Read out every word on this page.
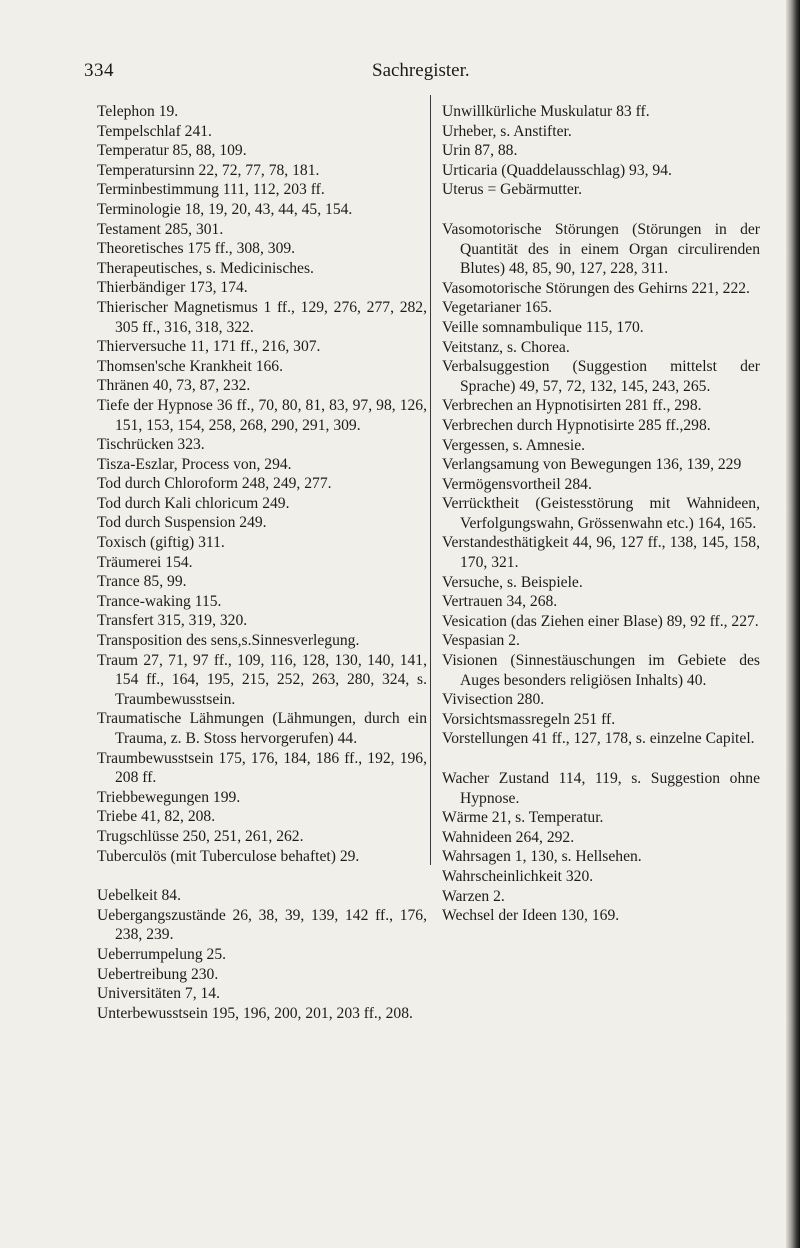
334	Sachregister.
Telephon 19.
Tempelschlaf 241.
Temperatur 85, 88, 109.
Temperatursinn 22, 72, 77, 78, 181.
Terminbestimmung 111, 112, 203 ff.
Terminologie 18, 19, 20, 43, 44, 45, 154.
Testament 285, 301.
Theoretisches 175 ff., 308, 309.
Therapeutisches, s. Medicinisches.
Thierbändiger 173, 174.
Thierischer Magnetismus 1 ff., 129, 276, 277, 282, 305 ff., 316, 318, 322.
Thierversuche 11, 171 ff., 216, 307.
Thomsen'sche Krankheit 166.
Thränen 40, 73, 87, 232.
Tiefe der Hypnose 36 ff., 70, 80, 81, 83, 97, 98, 126, 151, 153, 154, 258, 268, 290, 291, 309.
Tischrücken 323.
Tisza-Eszlar, Process von, 294.
Tod durch Chloroform 248, 249, 277.
Tod durch Kali chloricum 249.
Tod durch Suspension 249.
Toxisch (giftig) 311.
Träumerei 154.
Trance 85, 99.
Trance-waking 115.
Transfert 315, 319, 320.
Transposition des sens,s.Sinnesverlegung.
Traum 27, 71, 97 ff., 109, 116, 128, 130, 140, 141, 154 ff., 164, 195, 215, 252, 263, 280, 324, s. Traumbewusstsein.
Traumatische Lähmungen (Lähmungen, durch ein Trauma, z. B. Stoss hervorgerufen) 44.
Traumbewusstsein 175, 176, 184, 186 ff., 192, 196, 208 ff.
Triebbewegungen 199.
Triebe 41, 82, 208.
Trugschlüsse 250, 251, 261, 262.
Tuberculös (mit Tuberculose behaftet) 29.
Uebelkeit 84.
Uebergangszustände 26, 38, 39, 139, 142 ff., 176, 238, 239.
Ueberrumpelung 25.
Uebertreibung 230.
Universitäten 7, 14.
Unterbewusstsein 195, 196, 200, 201, 203 ff., 208.
Unwillkürliche Muskulatur 83 ff.
Urheber, s. Anstifter.
Urin 87, 88.
Urticaria (Quaddelausschlag) 93, 94.
Uterus = Gebärmutter.
Vasomotorische Störungen (Störungen in der Quantität des in einem Organ circulirenden Blutes) 48, 85, 90, 127, 228, 311.
Vasomotorische Störungen des Gehirns 221, 222.
Vegetarianer 165.
Veille somnambulique 115, 170.
Veitstanz, s. Chorea.
Verbalsuggestion (Suggestion mittelst der Sprache) 49, 57, 72, 132, 145, 243, 265.
Verbrechen an Hypnotisirten 281 ff., 298.
Verbrechen durch Hypnotisirte 285 ff.,298.
Vergessen, s. Amnesie.
Verlangsamung von Bewegungen 136, 139, 229
Vermögensvortheil 284.
Verrücktheit (Geistesstörung mit Wahnideen, Verfolgungswahn, Grössenwahn etc.) 164, 165.
Verstandesthätigkeit 44, 96, 127 ff., 138, 145, 158, 170, 321.
Versuche, s. Beispiele.
Vertrauen 34, 268.
Vesication (das Ziehen einer Blase) 89, 92 ff., 227.
Vespasian 2.
Visionen (Sinnestäuschungen im Gebiete des Auges besonders religiösen Inhalts) 40.
Vivisection 280.
Vorsichtsmassregeln 251 ff.
Vorstellungen 41 ff., 127, 178, s. einzelne Capitel.
Wacher Zustand 114, 119, s. Suggestion ohne Hypnose.
Wärme 21, s. Temperatur.
Wahnideen 264, 292.
Wahrsagen 1, 130, s. Hellsehen.
Wahrscheinlichkeit 320.
Warzen 2.
Wechsel der Ideen 130, 169.
